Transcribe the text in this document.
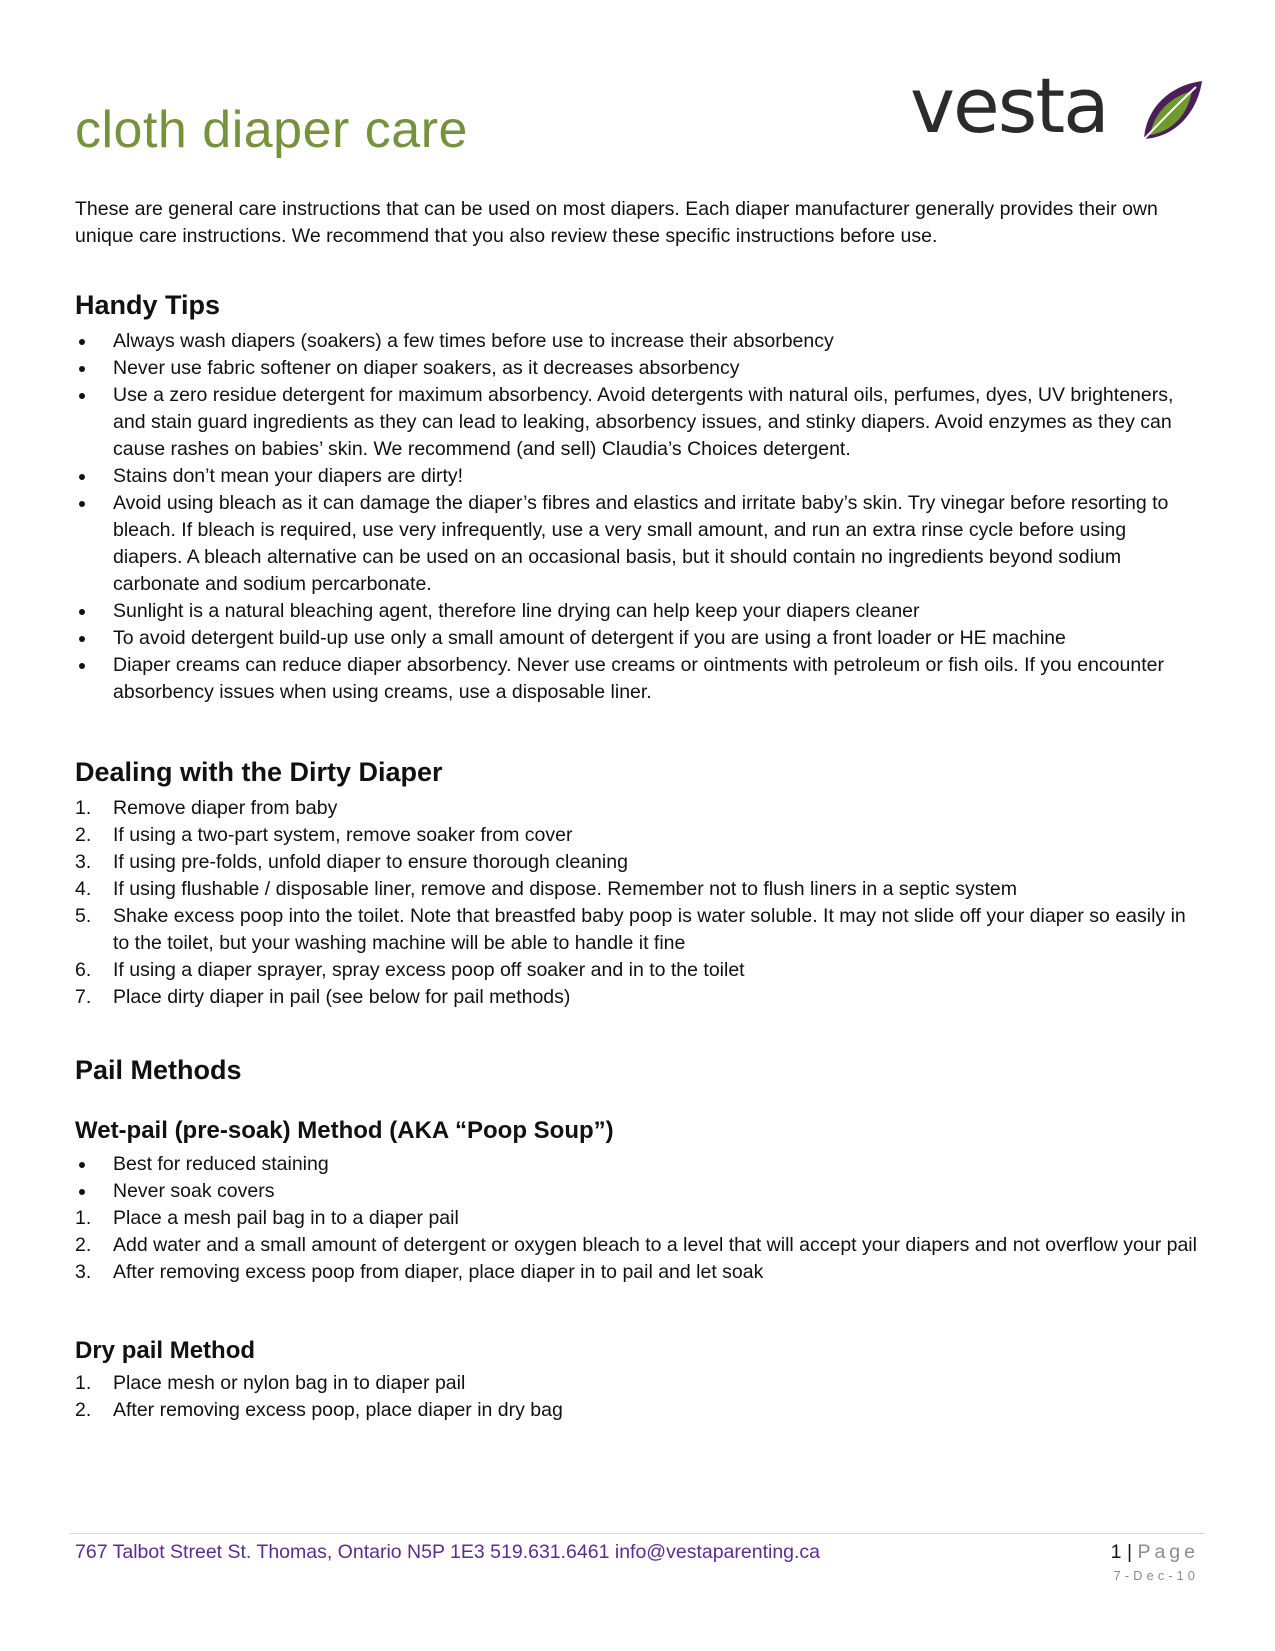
cloth diaper care	vesta

These are general care instructions that can be used on most diapers. Each diaper manufacturer generally provides their own unique care instructions. We recommend that you also review these specific instructions before use.

Handy Tips
Always wash diapers (soakers) a few times before use to increase their absorbency
Never use fabric softener on diaper soakers, as it decreases absorbency
Use a zero residue detergent for maximum absorbency. Avoid detergents with natural oils, perfumes, dyes, UV brighteners, and stain guard ingredients as they can lead to leaking, absorbency issues, and stinky diapers. Avoid enzymes as they can cause rashes on babies’ skin. We recommend (and sell) Claudia’s Choices detergent.
Stains don’t mean your diapers are dirty!
Avoid using bleach as it can damage the diaper’s fibres and elastics and irritate baby’s skin. Try vinegar before resorting to bleach. If bleach is required, use very infrequently, use a very small amount, and run an extra rinse cycle before using diapers. A bleach alternative can be used on an occasional basis, but it should contain no ingredients beyond sodium carbonate and sodium percarbonate.
Sunlight is a natural bleaching agent, therefore line drying can help keep your diapers cleaner
To avoid detergent build-up use only a small amount of detergent if you are using a front loader or HE machine
Diaper creams can reduce diaper absorbency. Never use creams or ointments with petroleum or fish oils. If you encounter absorbency issues when using creams, use a disposable liner.
Dealing with the Dirty Diaper
1.	Remove diaper from baby
2.	If using a two-part system, remove soaker from cover
3.	If using pre-folds, unfold diaper to ensure thorough cleaning
4.	If using flushable / disposable liner, remove and dispose. Remember not to flush liners in a septic system
5.	Shake excess poop into the toilet. Note that breastfed baby poop is water soluble. It may not slide off your diaper so easily in to the toilet, but your washing machine will be able to handle it fine
6.	If using a diaper sprayer, spray excess poop off soaker and in to the toilet
7.	Place dirty diaper in pail (see below for pail methods)
Pail Methods
Wet-pail (pre-soak) Method (AKA “Poop Soup”)
Best for reduced staining
Never soak covers
1.	Place a mesh pail bag in to a diaper pail
2.	Add water and a small amount of detergent or oxygen bleach to a level that will accept your diapers and not overflow your pail
3.	After removing excess poop from diaper, place diaper in to pail and let soak
Dry pail Method
1.	Place mesh or nylon bag in to diaper pail
2.	After removing excess poop, place diaper in dry bag

767 Talbot Street St. Thomas, Ontario N5P 1E3 519.631.6461 info@vestaparenting.ca	1 | Page

7-Dec-10
